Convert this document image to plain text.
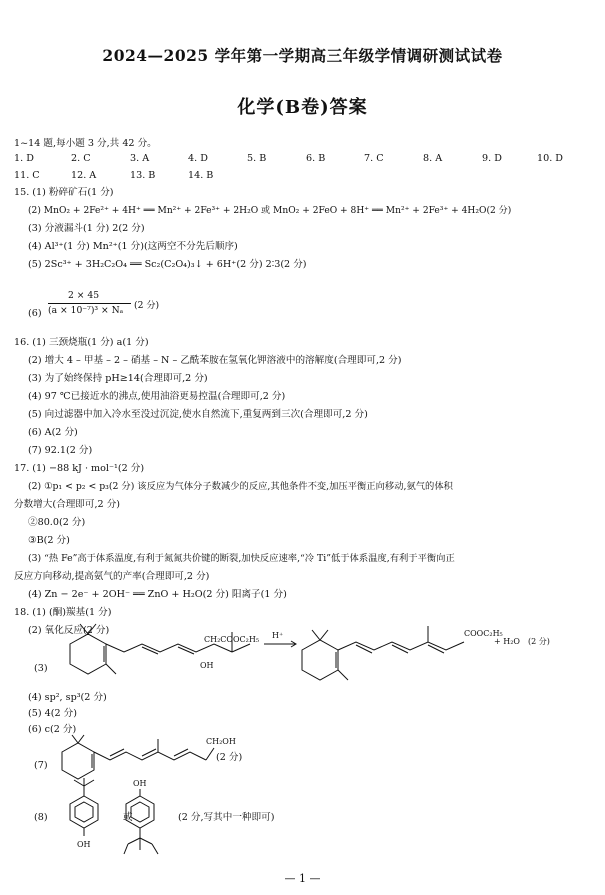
2024—2025 学年第一学期高三年级学情调研测试试卷
化学(B卷)答案
1~14 题,每小题 3 分,共 42 分。
1. D	2. C	3. A	4. D	5. B	6. B	7. C	8. A	9. D	10. D
11. C	12. A	13. B	14. B
15. (1) 粉碎矿石(1 分)
(2) MnO₂ + 2Fe²⁺ + 4H⁺ ══ Mn²⁺ + 2Fe³⁺ + 2H₂O 或 MnO₂ + 2FeO + 8H⁺ ══ Mn²⁺ + 2Fe³⁺ + 4H₂O(2 分)
(3) 分液漏斗(1 分) 2(2 分)
(4) Al³⁺(1 分) Mn²⁺(1 分)(这两空不分先后顺序)
(5) 2Sc³⁺ + 3H₂C₂O₄ ══ Sc₂(C₂O₄)₃↓ + 6H⁺(2 分) 2∶3(2 分)
(6)
2 × 45
(a × 10⁻⁷)³ × Nₐ (2 分)
16. (1) 三颈烧瓶(1 分) a(1 分)
(2) 增大 4 – 甲基 – 2 – 硝基 – N – 乙酰苯胺在氢氧化钾溶液中的溶解度(合理即可,2 分)
(3) 为了始终保持 pH≥14(合理即可,2 分)
(4) 97 ℃已接近水的沸点,使用油浴更易控温(合理即可,2 分)
(5) 向过滤器中加入冷水至没过沉淀,使水自然流下,重复两到三次(合理即可,2 分)
(6) A(2 分)
(7) 92.1(2 分)
17. (1) −88 kJ · mol⁻¹(2 分)
(2) ①p₁ < p₂ < p₃(2 分) 该反应为气体分子数减少的反应,其他条件不变,加压平衡正向移动,氨气的体积
分数增大(合理即可,2 分)
②80.0(2 分)
③B(2 分)
(3) “热 Fe”高于体系温度,有利于氮氮共价键的断裂,加快反应速率,“冷 Ti”低于体系温度,有利于平衡向正
反应方向移动,提高氨气的产率(合理即可,2 分)
(4) Zn − 2e⁻ + 2OH⁻ ══ ZnO + H₂O(2 分) 阳离子(1 分)
18. (1) (酮)羰基(1 分)
(2) 氧化反应(2 分)
(3)	OH
CH₂COOC₂H₅ H⁺	COOC₂H₅
+ H₂O (2 分)
(4) sp², sp³(2 分)
(5) 4(2 分)
(6) c(2 分)
(7)
CH₂OH
(2 分)
(8)
OH
或
OH
(2 分,写其中一种即可)
— 1 —
